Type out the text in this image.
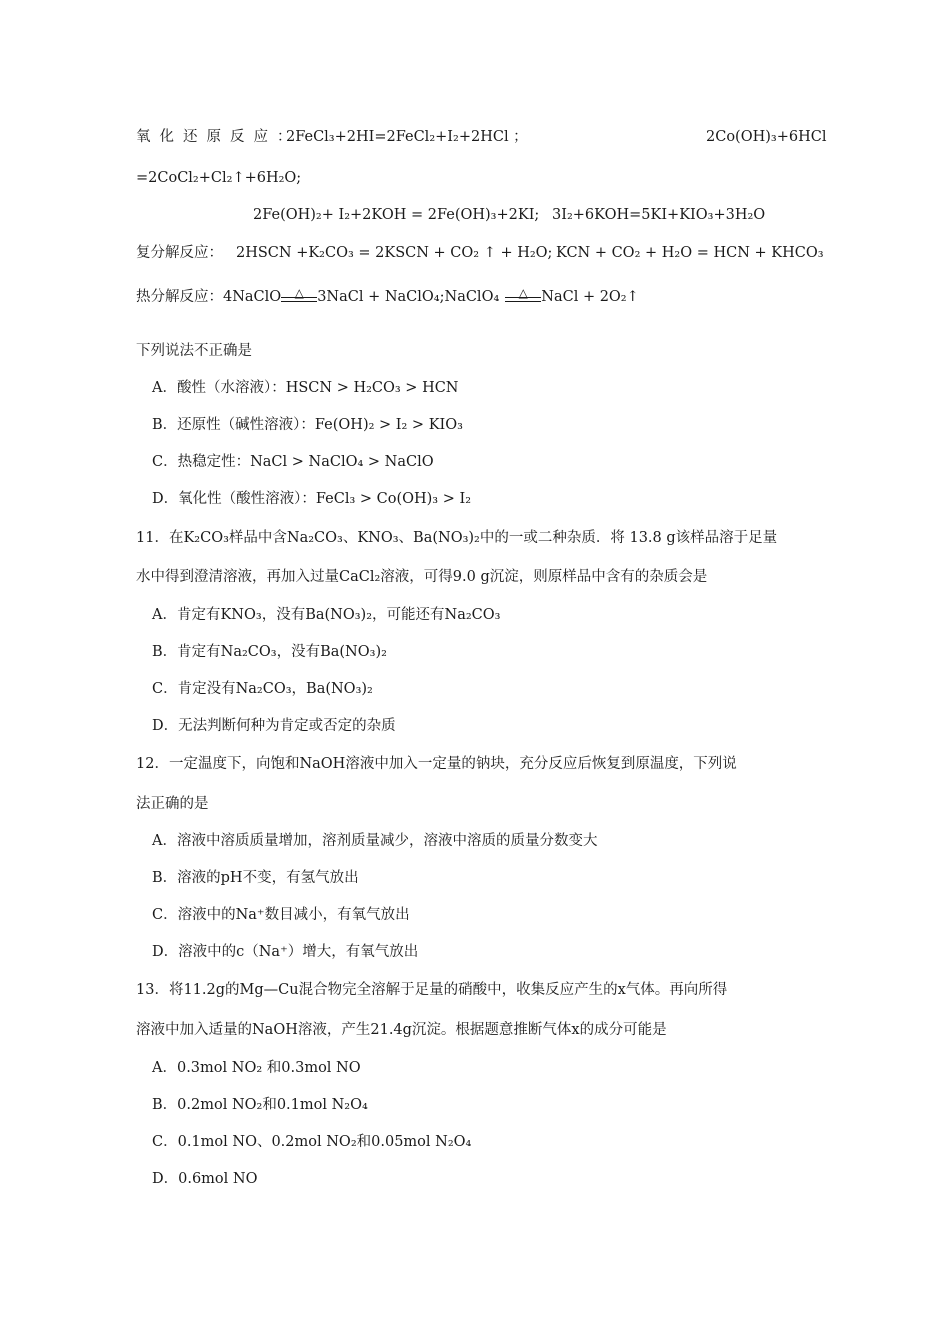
氧化还原反应：
2FeCl₃+2HI=2FeCl₂+I₂+2HCl ；	2Co(OH)₃+6HCl
=2CoCl₂+Cl₂↑+6H₂O;
2Fe(OH)₂+ I₂+2KOH = 2Fe(OH)₃+2KI; 3I₂+6KOH=5KI+KIO₃+3H₂O
复分解反应： 2HSCN +K₂CO₃ = 2KSCN + CO₂ ↑ + H₂O; KCN + CO₂ + H₂O = HCN + KHCO₃
热分解反应：4NaClO	△ 3NaCl + NaClO₄;NaClO₄	△ NaCl + 2O₂↑
下列说法不正确是
A．酸性（水溶液）：HSCN > H₂CO₃ > HCN
B．还原性（碱性溶液）：Fe(OH)₂ > I₂ > KIO₃
C．热稳定性：NaCl > NaClO₄ > NaClO
D．氧化性（酸性溶液）：FeCl₃ > Co(OH)₃ > I₂
11．在K₂CO₃样品中含Na₂CO₃、KNO₃、Ba(NO₃)₂中的一或二种杂质．将 13.8 g该样品溶于足量
水中得到澄清溶液，再加入过量CaCl₂溶液，可得9.0 g沉淀，则原样品中含有的杂质会是
A．肯定有KNO₃，没有Ba(NO₃)₂，可能还有Na₂CO₃
B．肯定有Na₂CO₃，没有Ba(NO₃)₂
C．肯定没有Na₂CO₃，Ba(NO₃)₂
D．无法判断何种为肯定或否定的杂质
12．一定温度下，向饱和NaOH溶液中加入一定量的钠块，充分反应后恢复到原温度，下列说
法正确的是
A．溶液中溶质质量增加，溶剂质量减少，溶液中溶质的质量分数变大
B．溶液的pH不变，有氢气放出
C．溶液中的Na⁺数目减小，有氧气放出
D．溶液中的c（Na⁺）增大，有氧气放出
13．将11.2g的Mg—Cu混合物完全溶解于足量的硝酸中，收集反应产生的x气体。再向所得
溶液中加入适量的NaOH溶液，产生21.4g沉淀。根据题意推断气体x的成分可能是
A．0.3mol NO₂ 和0.3mol NO
B．0.2mol NO₂和0.1mol N₂O₄
C．0.1mol NO、0.2mol NO₂和0.05mol N₂O₄
D．0.6mol NO
